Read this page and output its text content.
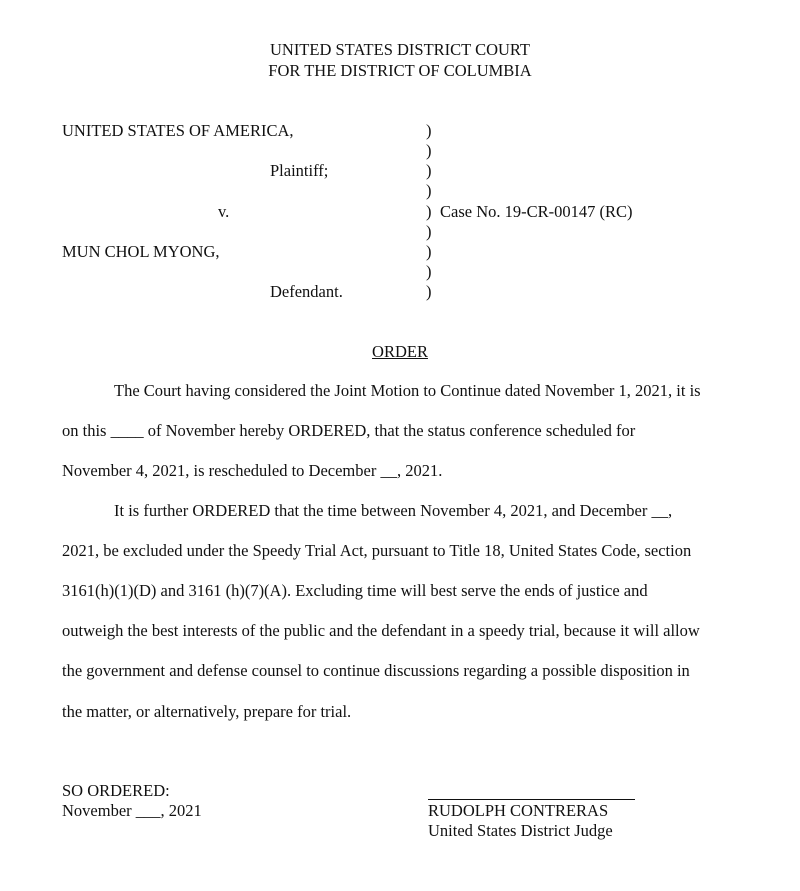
UNITED STATES DISTRICT COURT
FOR THE DISTRICT OF COLUMBIA
UNITED STATES OF AMERICA,
Plaintiff;
v.
MUN CHOL MYONG,
Defendant.
)
)
)
)
)
)
)
)
)
Case No. 19-CR-00147 (RC)
ORDER
The Court having considered the Joint Motion to Continue dated November 1, 2021, it is
on this ____ of November hereby ORDERED, that the status conference scheduled for
November 4, 2021, is rescheduled to December __, 2021.
It is further ORDERED that the time between November 4, 2021, and December __,
2021, be excluded under the Speedy Trial Act, pursuant to Title 18, United States Code, section
3161(h)(1)(D) and 3161 (h)(7)(A). Excluding time will best serve the ends of justice and
outweigh the best interests of the public and the defendant in a speedy trial, because it will allow
the government and defense counsel to continue discussions regarding a possible disposition in
the matter, or alternatively, prepare for trial.
SO ORDERED:
November ___, 2021	RUDOLPH CONTRERAS
United States District Judge
